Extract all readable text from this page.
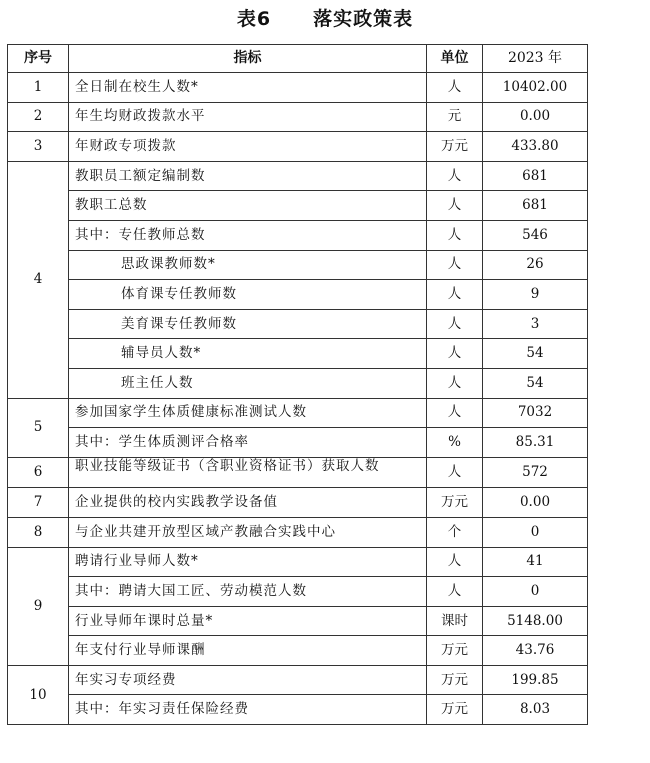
表6 落实政策表
序号	指标	单位	2023 年
1	全日制在校生人数*	人	10402.00
2	年生均财政拨款水平	元	0.00
3	年财政专项拨款	万元	433.80
4	教职员工额定编制数	人	681
	教职工总数	人	681
	其中：专任教师总数	人	546
	思政课教师数*	人	26
	体育课专任教师数	人	9
	美育课专任教师数	人	3
	辅导员人数*	人	54
	班主任人数	人	54
5	参加国家学生体质健康标准测试人数	人	7032
	其中：学生体质测评合格率	%	85.31
6	职业技能等级证书（含职业资格证书）获取人数	人	572
7	企业提供的校内实践教学设备值	万元	0.00
8	与企业共建开放型区域产教融合实践中心	个	0
9	聘请行业导师人数*	人	41
	其中：聘请大国工匠、劳动模范人数	人	0
	行业导师年课时总量*	课时	5148.00
	年支付行业导师课酬	万元	43.76
10	年实习专项经费	万元	199.85
	其中：年实习责任保险经费	万元	8.03
